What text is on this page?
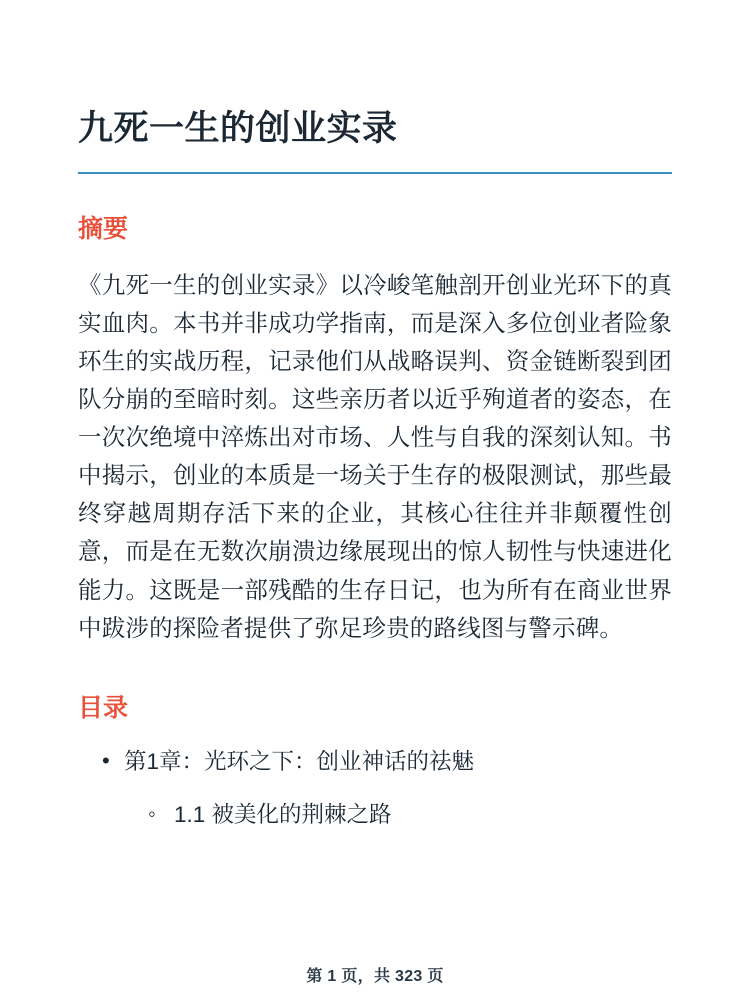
九死一生的创业实录
摘要

《九死一生的创业实录》以冷峻笔触剖开创业光环下的真实血肉。本书并非成功学指南，而是深入多位创业者险象环生的实战历程，记录他们从战略误判、资金链断裂到团队分崩的至暗时刻。这些亲历者以近乎殉道者的姿态，在一次次绝境中淬炼出对市场、人性与自我的深刻认知。书中揭示，创业的本质是一场关于生存的极限测试，那些最终穿越周期存活下来的企业，其核心往往并非颠覆性创意，而是在无数次崩溃边缘展现出的惊人韧性与快速进化能力。这既是一部残酷的生存日记，也为所有在商业世界中跋涉的探险者提供了弥足珍贵的路线图与警示碑。

目录
• 第1章：光环之下：创业神话的祛魅
◦ 1.1 被美化的荆棘之路
第 1 页，共 323 页
